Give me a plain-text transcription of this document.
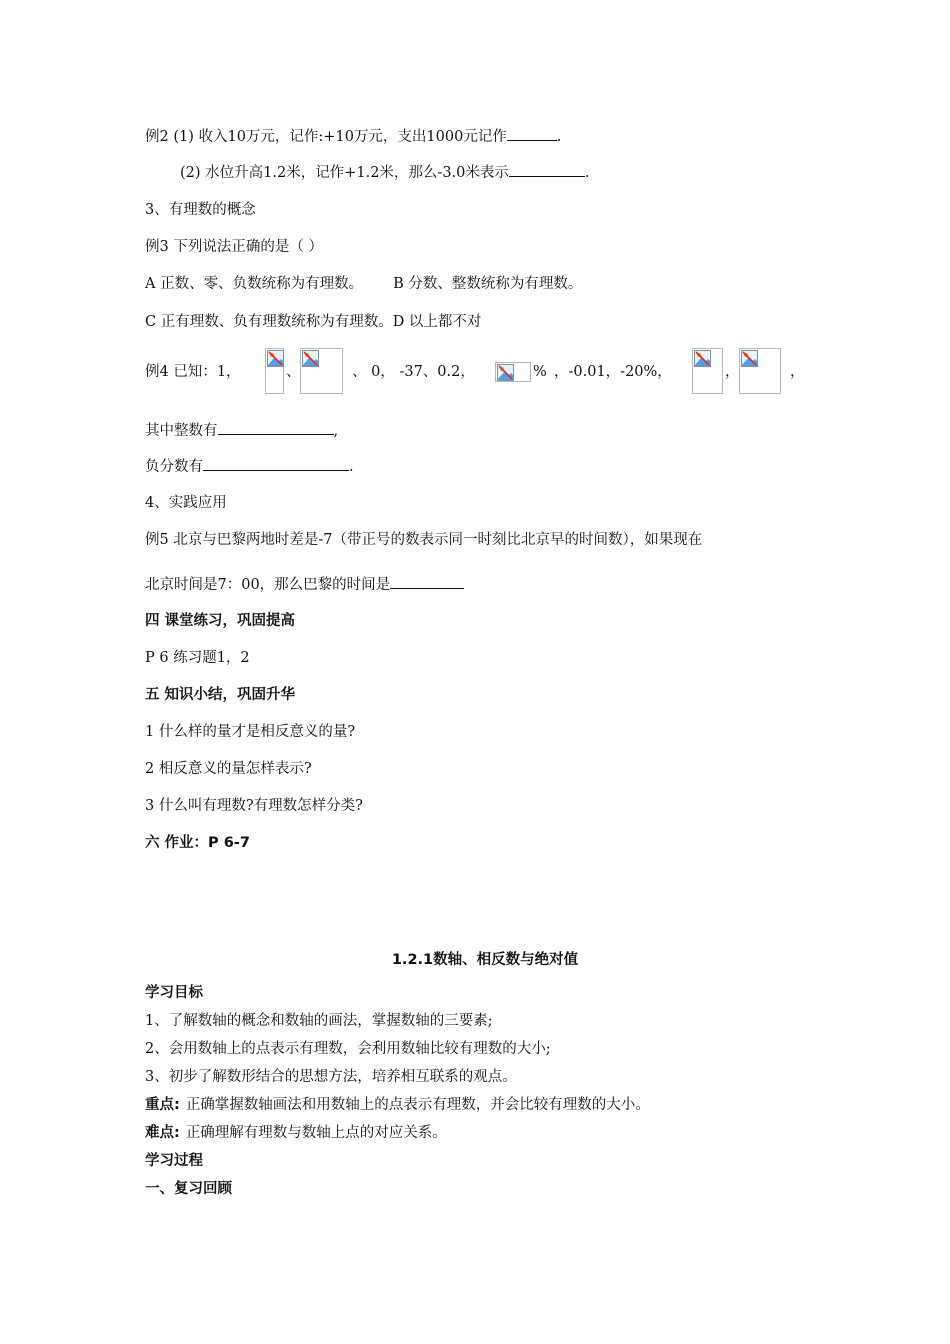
例2 (1) 收入10万元，记作:+10万元，支出1000元记作	.
(2) 水位升高1.2米，记作+1.2米，那么-3.0米表示	.
3、有理数的概念
例3 下列说法正确的是（ ）
A 正数、零、负数统称为有理数。 B 分数、整数统称为有理数。
C 正有理数、负有理数统称为有理数。D 以上都不对
例4 已知：1，	、	、 0， -37、0.2，	% ，-0.01，-20%，	，	，
其中整数有	,
负分数有	.
4、实践应用
例5 北京与巴黎两地时差是-7（带正号的数表示同一时刻比北京早的时间数），如果现在
北京时间是7：00，那么巴黎的时间是
四 课堂练习，巩固提高
P 6 练习题1，2
五 知识小结，巩固升华
1 什么样的量才是相反意义的量?
2 相反意义的量怎样表示?
3 什么叫有理数?有理数怎样分类?
六 作业：P 6-7
1.2.1数轴、相反数与绝对值
学习目标
1、了解数轴的概念和数轴的画法，掌握数轴的三要素;
2、会用数轴上的点表示有理数，会利用数轴比较有理数的大小;
3、初步了解数形结合的思想方法，培养相互联系的观点。
重点: 正确掌握数轴画法和用数轴上的点表示有理数，并会比较有理数的大小。
难点: 正确理解有理数与数轴上点的对应关系。
学习过程
一、复习回顾
